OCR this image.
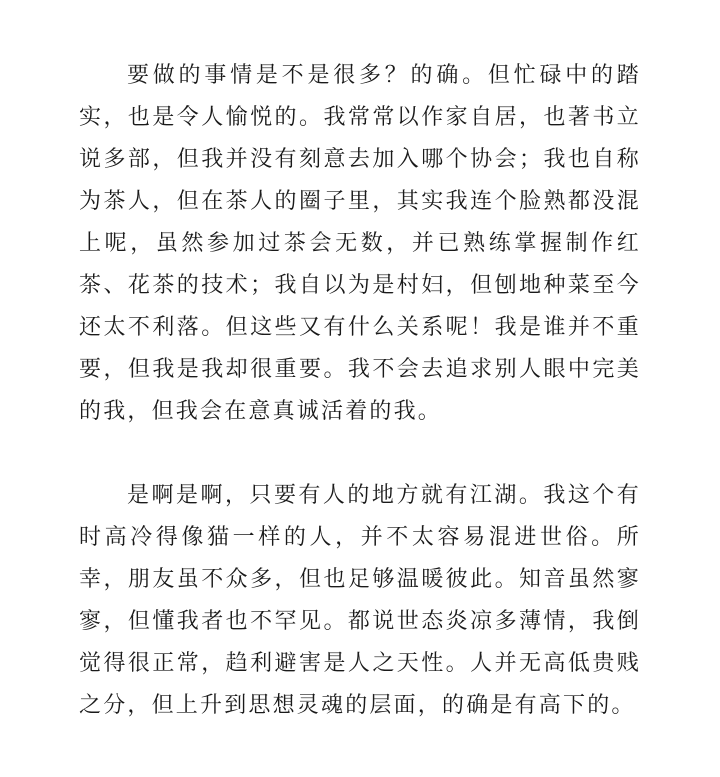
要做的事情是不是很多？的确。但忙碌中的踏实，也是令人愉悦的。我常常以作家自居，也著书立说多部，但我并没有刻意去加入哪个协会；我也自称为茶人，但在茶人的圈子里，其实我连个脸熟都没混上呢，虽然参加过茶会无数，并已熟练掌握制作红茶、花茶的技术；我自以为是村妇，但刨地种菜至今还太不利落。但这些又有什么关系呢！我是谁并不重要，但我是我却很重要。我不会去追求别人眼中完美的我，但我会在意真诚活着的我。

是啊是啊，只要有人的地方就有江湖。我这个有时高冷得像猫一样的人，并不太容易混进世俗。所幸，朋友虽不众多，但也足够温暖彼此。知音虽然寥寥，但懂我者也不罕见。都说世态炎凉多薄情，我倒觉得很正常，趋利避害是人之天性。人并无高低贵贱之分，但上升到思想灵魂的层面，的确是有高下的。
